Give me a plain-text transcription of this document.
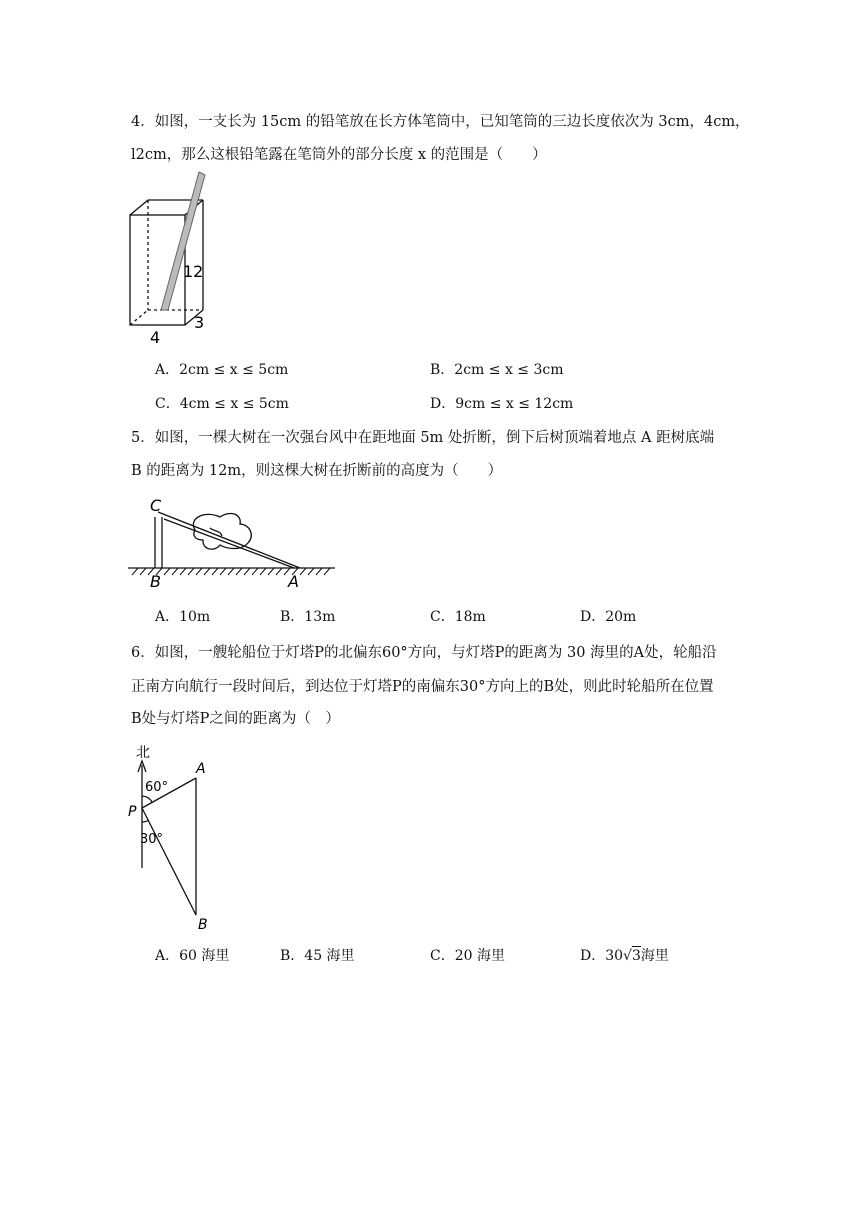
4．如图，一支长为 15cm 的铅笔放在长方体笔筒中，已知笔筒的三边长度依次为 3cm，4cm，
l2cm，那么这根铅笔露在笔筒外的部分长度 x 的范围是（　　）
12
3
4
A．2cm ≤ x ≤ 5cm	B．2cm ≤ x ≤ 3cm
C．4cm ≤ x ≤ 5cm	D．9cm ≤ x ≤ 12cm
5．如图，一棵大树在一次强台风中在距地面 5m 处折断，倒下后树顶端着地点 A 距树底端
B 的距离为 12m，则这棵大树在折断前的高度为（　　）
C
B	A
A．10m	B．13m	C．18m	D．20m
6．如图，一艘轮船位于灯塔P的北偏东60°方向，与灯塔P的距离为 30 海里的A处，轮船沿
正南方向航行一段时间后，到达位于灯塔P的南偏东30°方向上的B处，则此时轮船所在位置
B处与灯塔P之间的距离为（　）
北
A
60°
P
30°
B
A．60 海里	B．45 海里	C．20 海里	D．30√3海里
